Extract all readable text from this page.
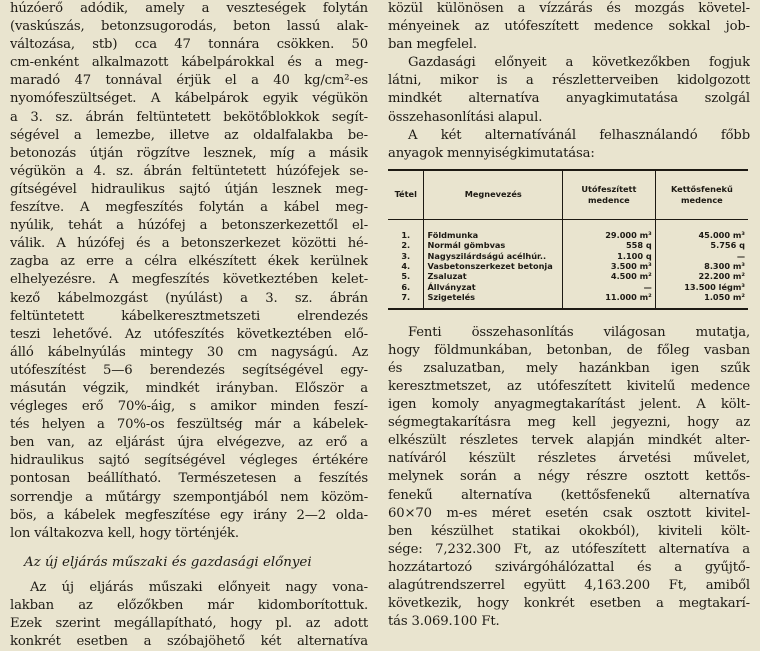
húzóerő adódik, amely a veszteségek folytán
(vaskúszás, betonzsugorodás, beton lassú alak-
változása, stb) cca 47 tonnára csökken. 50
cm-enként alkalmazott kábelpárokkal és a meg-
maradó 47 tonnával érjük el a 40 kg/cm²-es
nyomófeszültséget. A kábelpárok egyik végükön
a 3. sz. ábrán feltüntetett bekötőblokkok segít-
ségével a lemezbe, illetve az oldalfalakba be-
betonozás útján rögzítve lesznek, míg a másik
végükön a 4. sz. ábrán feltüntetett húzófejek se-
gítségével hidraulikus sajtó útján lesznek meg-
feszítve. A megfeszítés folytán a kábel meg-
nyúlik, tehát a húzófej a betonszerkezettől el-
válik. A húzófej és a betonszerkezet közötti hé-
zagba az erre a célra elkészített ékek kerülnek
elhelyezésre. A megfeszítés következtében kelet-
kező kábelmozgást (nyúlást) a 3. sz. ábrán
feltüntetett kábelkeresztmetszeti elrendezés
teszi lehetővé. Az utófeszítés következtében elő-
álló kábelnyúlás mintegy 30 cm nagyságú. Az
utófeszítést 5—6 berendezés segítségével egy-
másután végzik, mindkét irányban. Először a
végleges erő 70%-áig, s amikor minden feszí-
tés helyen a 70%-os feszültség már a kábelek-
ben van, az eljárást újra elvégezve, az erő a
hidraulikus sajtó segítségével végleges értékére
pontosan beállítható. Természetesen a feszítés
sorrendje a műtárgy szempontjából nem közöm-
bös, a kábelek megfeszítése egy irány 2—2 olda-
lon váltakozva kell, hogy történjék.
Az új eljárás műszaki és gazdasági előnyei
Az új eljárás műszaki előnyeit nagy vona-
lakban az előzőkben már kidomborítottuk.
Ezek szerint megállapítható, hogy pl. az adott
konkrét esetben a szóbajöhető két alternatíva
közül különösen a vízzárás és mozgás követel-
ményeinek az utófeszített medence sokkal job-
ban megfelel.
Gazdasági előnyeit a következőkben fogjuk
látni, mikor is a részletterveiben kidolgozott
mindkét alternatíva anyagkimutatása szolgál
összehasonlítási alapul.
A két alternatívánál felhasználandó főbb
anyagok mennyiségkimutatása:
Tétel	Megnevezés	Utófeszített medence	Kettősfenekű medence
1.	Földmunka	29.000 m³	45.000 m³
2.	Normál gömbvas	558 q	5.756 q
3.	Nagyszilárdságú acélhúr..	1.100 q	—
4.	Vasbetonszerkezet betonja	3.500 m³	8.300 m³
5.	Zsaluzat	4.500 m²	22.200 m²
6.	Állványzat	—	13.500 légm³
7.	Szigetelés	11.000 m²	1.050 m²
Fenti összehasonlítás világosan mutatja,
hogy földmunkában, betonban, de főleg vasban
és zsaluzatban, mely hazánkban igen szűk
keresztmetszet, az utófeszített kivitelű medence
igen komoly anyagmegtakarítást jelent. A költ-
ségmegtakarításra meg kell jegyezni, hogy az
elkészült részletes tervek alapján mindkét alter-
natíváról készült részletes árvetési művelet,
melynek során a négy részre osztott kettős-
fenekű alternatíva (kettősfenekű alternatíva
60×70 m-es méret esetén csak osztott kivitel-
ben készülhet statikai okokból), kiviteli költ-
sége: 7,232.300 Ft, az utófeszített alternatíva a
hozzátartozó szivárgóhálózattal és a gyűjtő-
alagútrendszerrel együtt 4,163.200 Ft, amiből
következik, hogy konkrét esetben a megtakarí-
tás 3.069.100 Ft.
